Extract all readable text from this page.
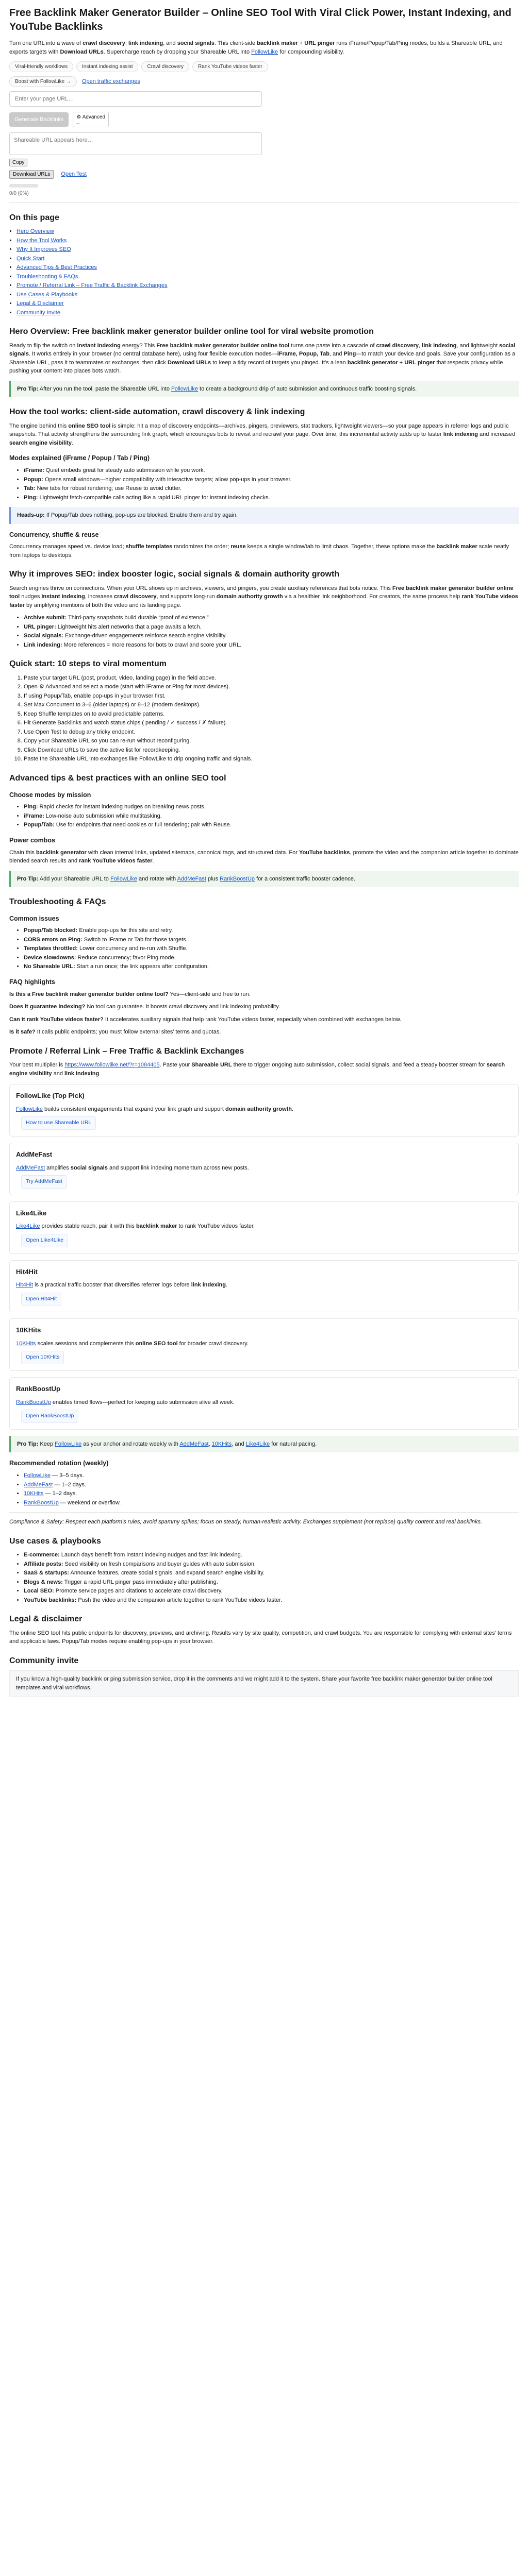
Free Backlink Maker Generator Builder – Online SEO Tool With Viral Click Power, Instant Indexing, and YouTube Backlinks

Turn one URL into a wave of crawl discovery, link indexing, and social signals. This client-side backlink maker + URL pinger runs iFrame/Popup/Tab/Ping modes, builds a Shareable URL, and exports targets with Download URLs. Supercharge reach by dropping your Shareable URL into FollowLike for compounding visibility.

Viral-friendly workflows	Instant indexing assist	Crawl discovery	Rank YouTube videos faster
Boost with FollowLike →	Open traffic exchanges
Enter your page URL…
Generate Backlinks	⚙ Advanced
–
Shareable URL appears here…
Copy
Download URLs	Open Test
0/0 (0%)
On this page
• Hero Overview
• How the Tool Works
• Why It Improves SEO
• Quick Start
• Advanced Tips & Best Practices
• Troubleshooting & FAQs
• Promote / Referral Link – Free Traffic & Backlink Exchanges
• Use Cases & Playbooks
• Legal & Disclaimer
• Community Invite
Hero Overview: Free backlink maker generator builder online tool for viral website promotion

Ready to flip the switch on instant indexing energy? This Free backlink maker generator builder online tool turns one paste into a cascade of crawl discovery, link indexing, and lightweight social signals. It works entirely in your browser (no central database here), using four flexible execution modes—iFrame, Popup, Tab, and Ping—to match your device and goals. Save your configuration as a Shareable URL, pass it to teammates or exchanges, then click Download URLs to keep a tidy record of targets you pinged. It’s a lean backlink generator + URL pinger that respects privacy while pushing your content into places bots watch.

Pro Tip: After you run the tool, paste the Shareable URL into FollowLike to create a background drip of auto submission and continuous traffic boosting signals.
How the tool works: client-side automation, crawl discovery & link indexing

The engine behind this online SEO tool is simple: hit a map of discovery endpoints—archives, pingers, previewers, stat trackers, lightweight viewers—so your page appears in referrer logs and public snapshots. That activity strengthens the surrounding link graph, which encourages bots to revisit and recrawl your page. Over time, this incremental activity adds up to faster link indexing and increased search engine visibility.

Modes explained (iFrame / Popup / Tab / Ping)
• iFrame: Quiet embeds great for steady auto submission while you work.
• Popup: Opens small windows—higher compatibility with interactive targets; allow pop-ups in your browser.
• Tab: New tabs for robust rendering; use Reuse to avoid clutter.
• Ping: Lightweight fetch-compatible calls acting like a rapid URL pinger for instant indexing checks.
Heads-up: If Popup/Tab does nothing, pop-ups are blocked. Enable them and try again.
Concurrency, shuffle & reuse

Concurrency manages speed vs. device load; shuffle templates randomizes the order; reuse keeps a single window/tab to limit chaos. Together, these options make the backlink maker scale neatly from laptops to desktops.

Why it improves SEO: index booster logic, social signals & domain authority growth

Search engines thrive on connections. When your URL shows up in archives, viewers, and pingers, you create auxiliary references that bots notice. This Free backlink maker generator builder online tool nudges instant indexing, increases crawl discovery, and supports long-run domain authority growth via a healthier link neighborhood. For creators, the same process help rank YouTube videos faster by amplifying mentions of both the video and its landing page.

• Archive submit: Third-party snapshots build durable “proof of existence.”
• URL pinger: Lightweight hits alert networks that a page awaits a fetch.
• Social signals: Exchange-driven engagements reinforce search engine visibility.
• Link indexing: More references = more reasons for bots to crawl and score your URL.
Quick start: 10 steps to viral momentum
1. Paste your target URL (post, product, video, landing page) in the field above.
2. Open ⚙ Advanced and select a mode (start with iFrame or Ping for most devices).
3. If using Popup/Tab, enable pop-ups in your browser first.
4. Set Max Concurrent to 3–6 (older laptops) or 8–12 (modern desktops).
5. Keep Shuffle templates on to avoid predictable patterns.
6. Hit Generate Backlinks and watch status chips ( pending / ✓ success / ✗ failure).
7. Use Open Test to debug any tricky endpoint.
8. Copy your Shareable URL so you can re-run without reconfiguring.
9. Click Download URLs to save the active list for recordkeeping.
10. Paste the Shareable URL into exchanges like FollowLike to drip ongoing traffic and signals.
Advanced tips & best practices with an online SEO tool
Choose modes by mission
• Ping: Rapid checks for instant indexing nudges on breaking news posts.
• iFrame: Low-noise auto submission while multitasking.
• Popup/Tab: Use for endpoints that need cookies or full rendering; pair with Reuse.
Power combos

Chain this backlink generator with clean internal links, updated sitemaps, canonical tags, and structured data. For YouTube backlinks, promote the video and the companion article together to dominate blended search results and rank YouTube videos faster.

Pro Tip: Add your Shareable URL to FollowLike and rotate with AddMeFast plus RankBoostUp for a consistent traffic booster cadence.
Troubleshooting & FAQs
Common issues
• Popup/Tab blocked: Enable pop-ups for this site and retry.
• CORS errors on Ping: Switch to iFrame or Tab for those targets.
• Templates throttled: Lower concurrency and re-run with Shuffle.
• Device slowdowns: Reduce concurrency; favor Ping mode.
• No Shareable URL: Start a run once; the link appears after configuration.
FAQ highlights

Is this a Free backlink maker generator builder online tool? Yes—client-side and free to run.

Does it guarantee indexing? No tool can guarantee. It boosts crawl discovery and link indexing probability.

Can it rank YouTube videos faster? It accelerates auxiliary signals that help rank YouTube videos faster, especially when combined with exchanges below.

Is it safe? It calls public endpoints; you must follow external sites’ terms and quotas.

Promote / Referral Link – Free Traffic & Backlink Exchanges

Your best multiplier is https://www.followlike.net/?r=1084405. Paste your Shareable URL there to trigger ongoing auto submission, collect social signals, and feed a steady booster stream for search engine visibility and link indexing.

FollowLike (Top Pick)
FollowLike builds consistent engagements that expand your link graph and support domain authority growth.
How to use Shareable URL
AddMeFast
AddMeFast amplifies social signals and support link indexing momentum across new posts.
Try AddMeFast
Like4Like
Like4Like provides stable reach; pair it with this backlink maker to rank YouTube videos faster.
Open Like4Like
Hit4Hit
Hit4Hit is a practical traffic booster that diversifies referrer logs before link indexing.
Open Hit4Hit
10KHits
10KHits scales sessions and complements this online SEO tool for broader crawl discovery.
Open 10KHits
RankBoostUp
RankBoostUp enables timed flows—perfect for keeping auto submission alive all week.
Open RankBoostUp
Pro Tip: Keep FollowLike as your anchor and rotate weekly with AddMeFast, 10KHits, and Like4Like for natural pacing.
Recommended rotation (weekly)
• FollowLike — 3–5 days.
• AddMeFast — 1–2 days.
• 10KHits — 1–2 days.
• RankBoostUp — weekend or overflow.

Compliance & Safety: Respect each platform’s rules; avoid spammy spikes; focus on steady, human-realistic activity. Exchanges supplement (not replace) quality content and real backlinks.

Use cases & playbooks
• E-commerce: Launch days benefit from instant indexing nudges and fast link indexing.
• Affiliate posts: Seed visibility on fresh comparisons and buyer guides with auto submission.
• SaaS & startups: Announce features, create social signals, and expand search engine visibility.
• Blogs & news: Trigger a rapid URL pinger pass immediately after publishing.
• Local SEO: Promote service pages and citations to accelerate crawl discovery.
• YouTube backlinks: Push the video and the companion article together to rank YouTube videos faster.
Legal & disclaimer

The online SEO tool hits public endpoints for discovery, previews, and archiving. Results vary by site quality, competition, and crawl budgets. You are responsible for complying with external sites’ terms and applicable laws. Popup/Tab modes require enabling pop-ups in your browser.

Community invite
If you know a high-quality backlink or ping submission service, drop it in the comments and we might add it to the system. Share your favorite free backlink maker generator builder online tool templates and viral workflows.
